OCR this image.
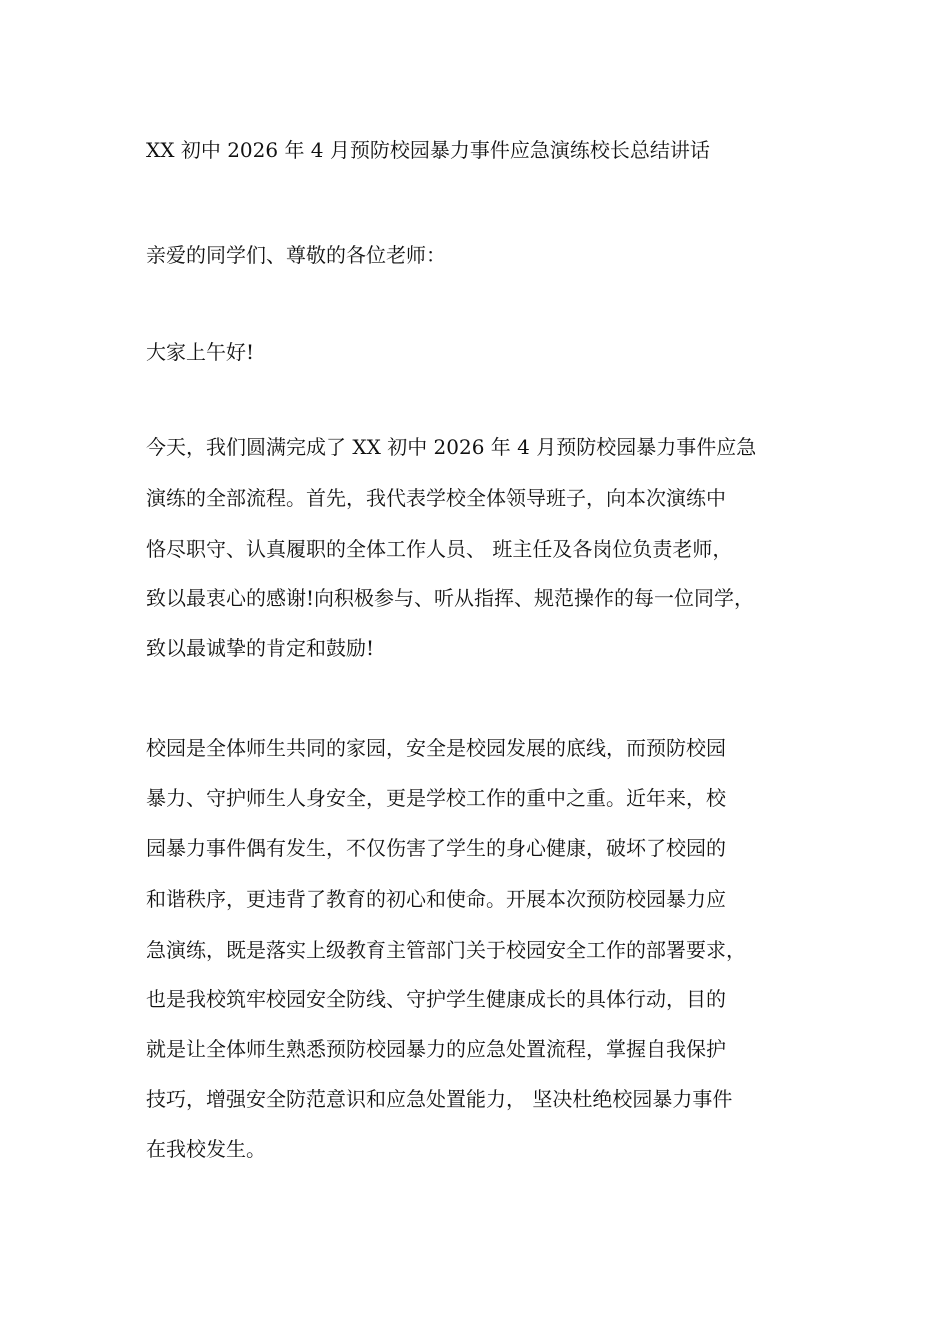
XX 初中 2026 年 4 月预防校园暴力事件应急演练校长总结讲话

亲爱的同学们、尊敬的各位老师：

大家上午好!

今天，我们圆满完成了 XX 初中 2026 年 4 月预防校园暴力事件应急

演练的全部流程。首先，我代表学校全体领导班子，向本次演练中

恪尽职守、认真履职的全体工作人员、 班主任及各岗位负责老师，

致以最衷心的感谢!向积极参与、听从指挥、规范操作的每一位同学，

致以最诚挚的肯定和鼓励!

校园是全体师生共同的家园，安全是校园发展的底线，而预防校园

暴力、守护师生人身安全，更是学校工作的重中之重。近年来，校

园暴力事件偶有发生，不仅伤害了学生的身心健康，破坏了校园的

和谐秩序，更违背了教育的初心和使命。开展本次预防校园暴力应

急演练，既是落实上级教育主管部门关于校园安全工作的部署要求，

也是我校筑牢校园安全防线、守护学生健康成长的具体行动，目的

就是让全体师生熟悉预防校园暴力的应急处置流程，掌握自我保护

技巧，增强安全防范意识和应急处置能力， 坚决杜绝校园暴力事件

在我校发生。
